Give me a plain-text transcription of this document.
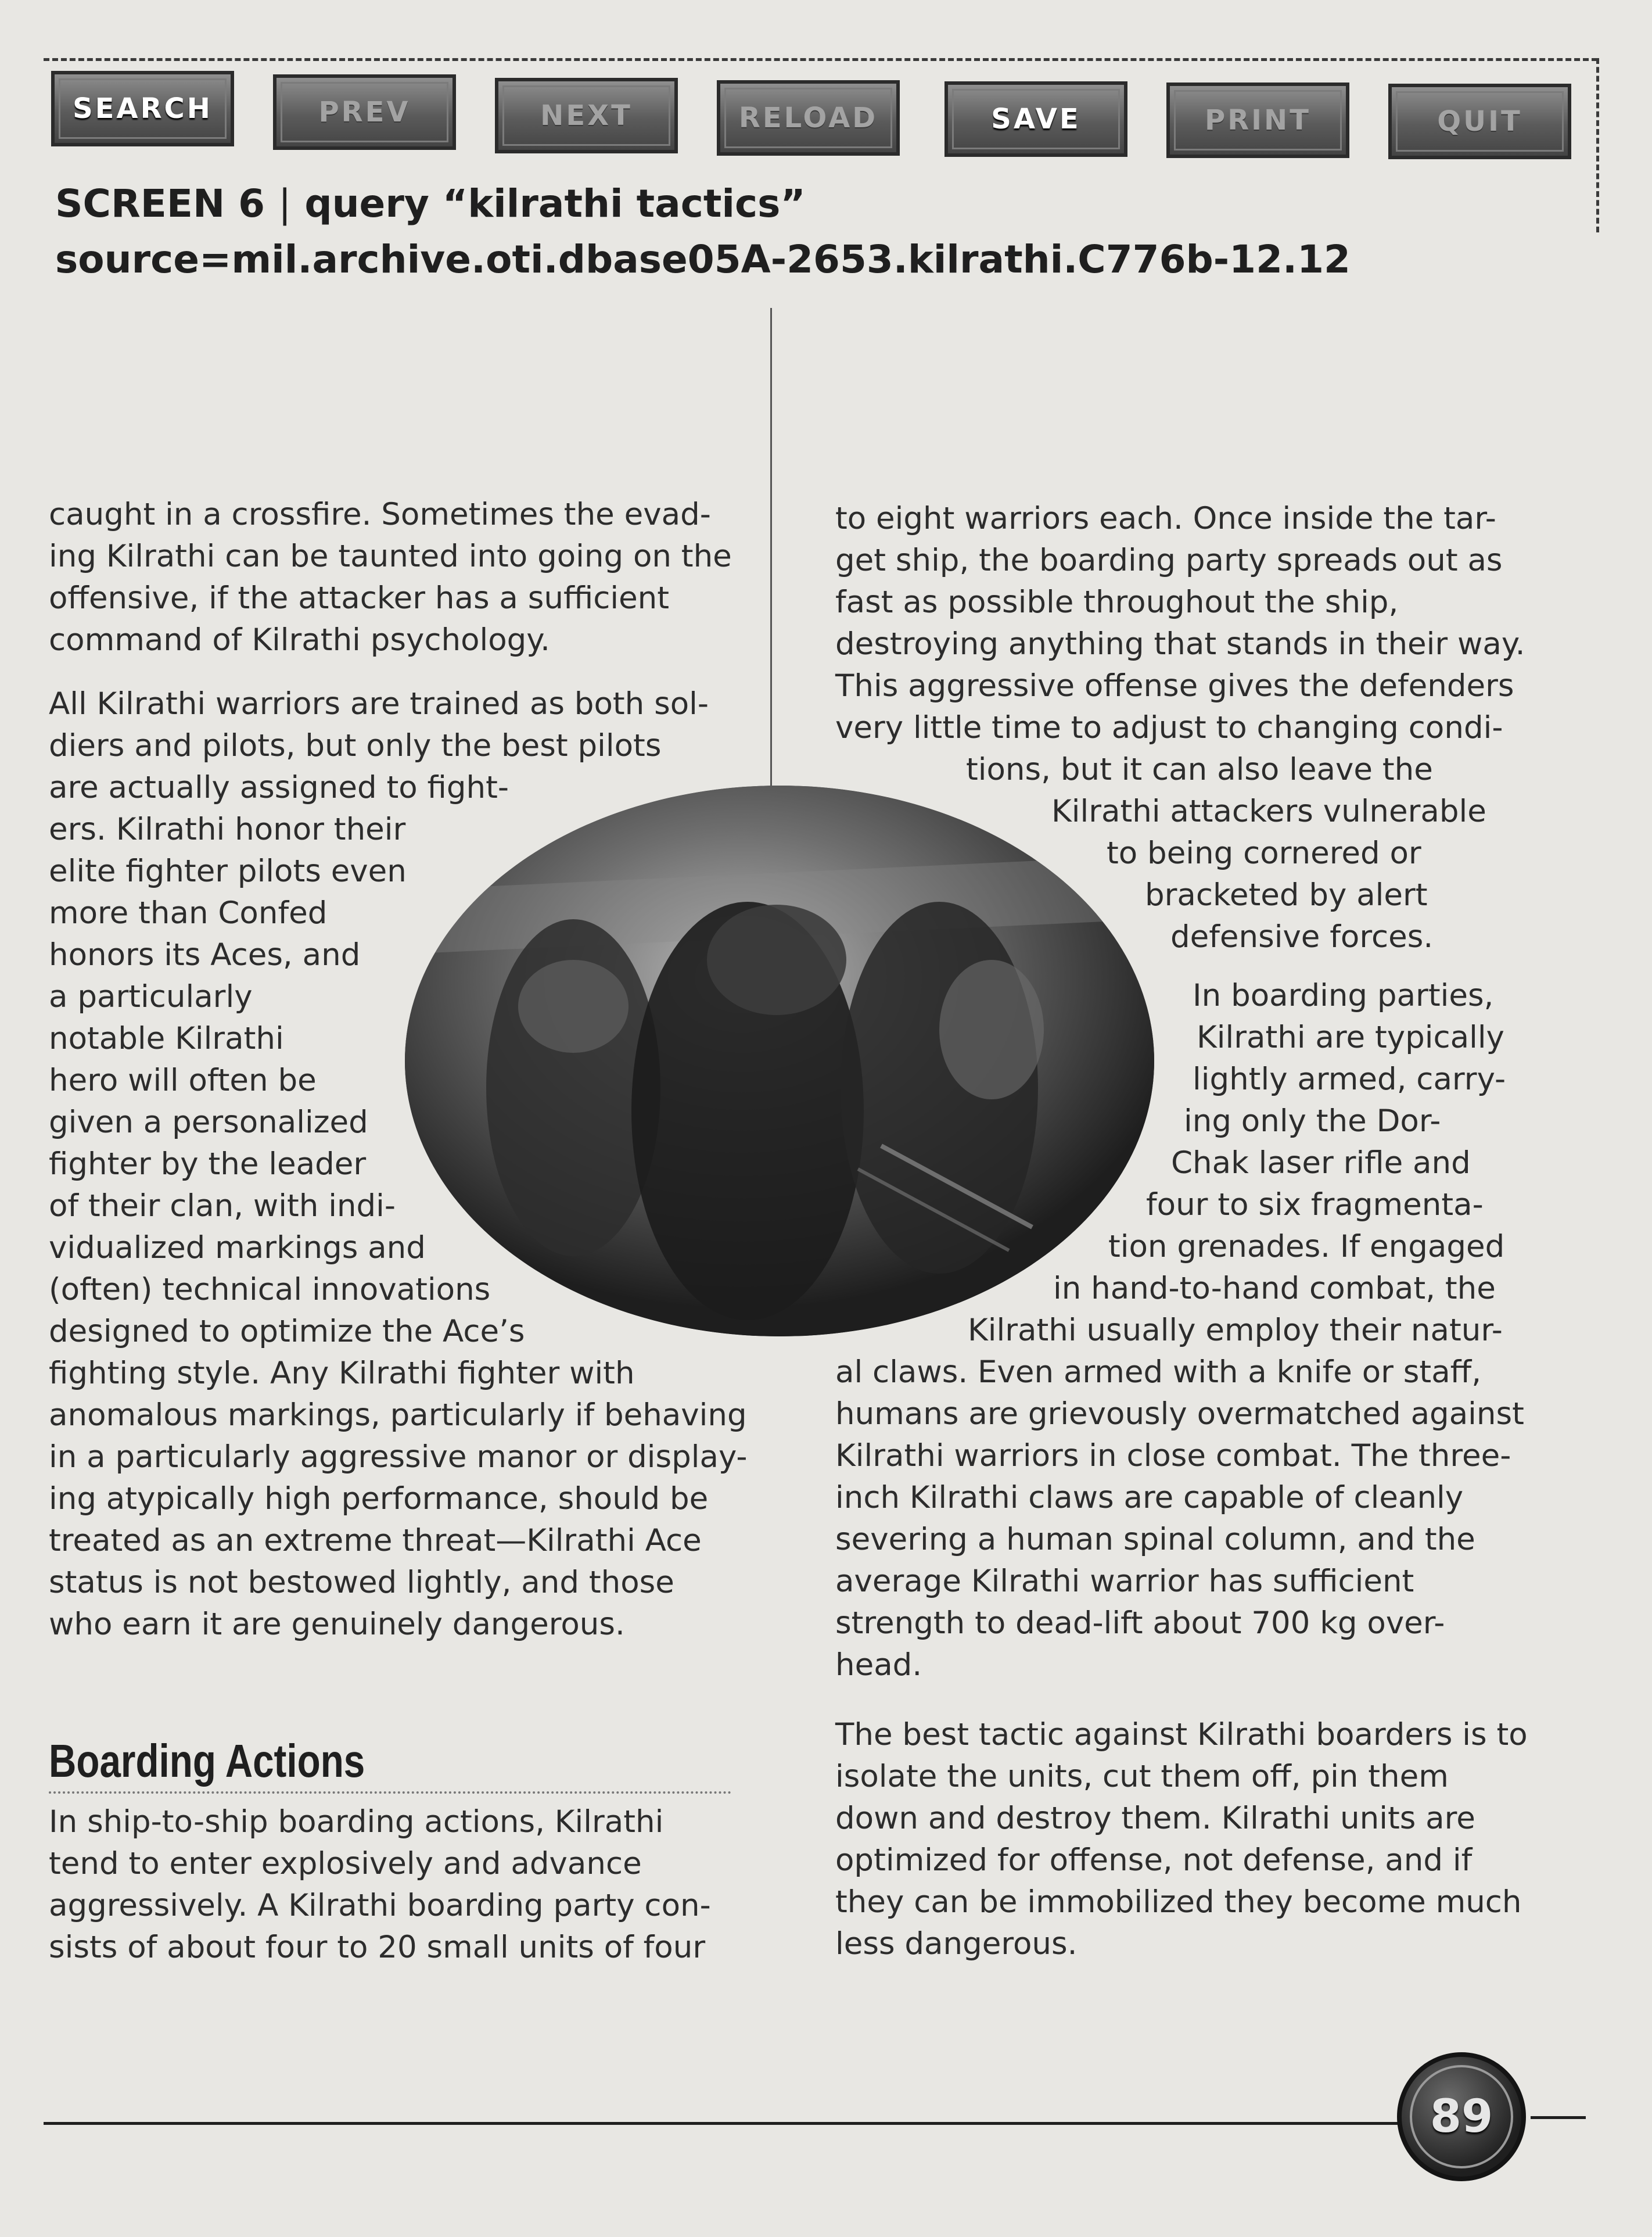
SEARCH	PREV	NEXT	RELOAD	SAVE	PRINT	QUIT
SCREEN 6 | query “kilrathi tactics”
source=mil.archive.oti.dbase05A-2653.kilrathi.C776b-12.12
caught in a crossfire. Sometimes the evad-
ing Kilrathi can be taunted into going on the
offensive, if the attacker has a sufficient
command of Kilrathi psychology.
All Kilrathi warriors are trained as both sol-
diers and pilots, but only the best pilots
are actually assigned to fight-
ers. Kilrathi honor their
elite fighter pilots even
more than Confed
honors its Aces, and
a particularly
notable Kilrathi
hero will often be
given a personalized
fighter by the leader
of their clan, with indi-
vidualized markings and
(often) technical innovations
designed to optimize the Ace’s
fighting style. Any Kilrathi fighter with
anomalous markings, particularly if behaving
in a particularly aggressive manor or display-
ing atypically high performance, should be
treated as an extreme threat—Kilrathi Ace
status is not bestowed lightly, and those
who earn it are genuinely dangerous.
Boarding Actions
In ship-to-ship boarding actions, Kilrathi
tend to enter explosively and advance
aggressively. A Kilrathi boarding party con-
sists of about four to 20 small units of four
to eight warriors each. Once inside the tar-
get ship, the boarding party spreads out as
fast as possible throughout the ship,
destroying anything that stands in their way.
This aggressive offense gives the defenders
very little time to adjust to changing condi-
tions, but it can also leave the
Kilrathi attackers vulnerable
to being cornered or
bracketed by alert
defensive forces.
In boarding parties,
Kilrathi are typically
lightly armed, carry-
ing only the Dor-
Chak laser rifle and
four to six fragmenta-
tion grenades. If engaged
in hand-to-hand combat, the
Kilrathi usually employ their natur-
al claws. Even armed with a knife or staff,
humans are grievously overmatched against
Kilrathi warriors in close combat. The three-
inch Kilrathi claws are capable of cleanly
severing a human spinal column, and the
average Kilrathi warrior has sufficient
strength to dead-lift about 700 kg over-
head.
The best tactic against Kilrathi boarders is to
isolate the units, cut them off, pin them
down and destroy them. Kilrathi units are
optimized for offense, not defense, and if
they can be immobilized they become much
less dangerous.
89
